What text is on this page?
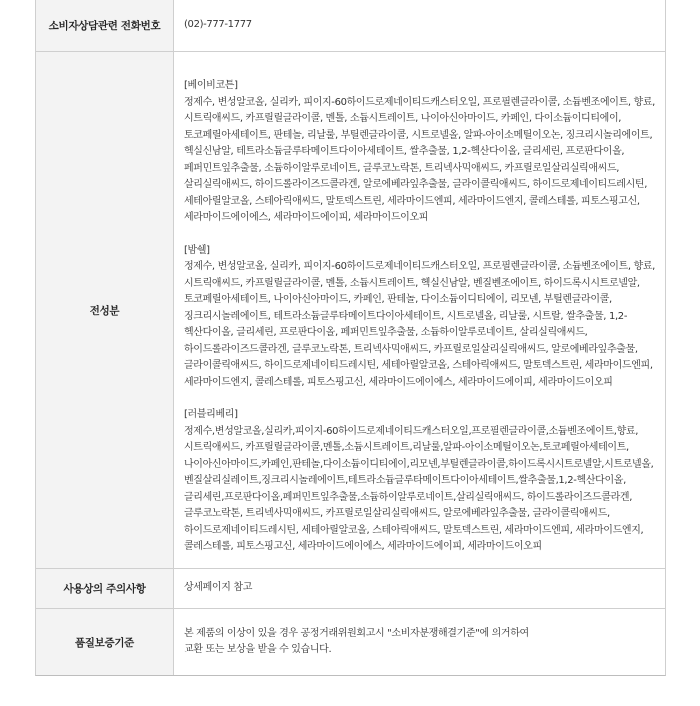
소비자상담관련 전화번호	(02)-777-1777
전성분
[베이비코튼]
정제수, 변성알코올, 실리카, 피이지-60하이드로제네이티드캐스터오일, 프로필렌글라이콜, 소듐벤조에이트, 향료, 시트릭애씨드, 카프릴릴글라이콜, 멘톨, 소듐시트레이트, 나이아신아마이드, 카페인, 다이소듐이디티에이, 토코페릴아세테이트, 판테놀, 리날룰, 부틸렌글라이콜, 시트로넬올, 알파-아이소메틸이오논, 징크리시놀리에이트, 헥실신남알, 테트라소듐글루타메이트다이아세테이트, 쌀추출물, 1,2-헥산다이올, 글리세린, 프로판다이올, 페퍼민트잎추출물, 소듐하이알루로네이트, 글루코노락톤, 트리넥사믹애씨드, 카프릴로일살리실릭애씨드, 살리실릭애씨드, 하이드롤라이즈드콜라겐, 알로에베라잎추출물, 글라이콜릭애씨드, 하이드로제네이티드레시틴, 세테아릴알코올, 스테아릭애씨드, 말토덱스트린, 세라마이드엔피, 세라마이드엔지, 콜레스테롤, 피토스핑고신, 세라마이드에이에스, 세라마이드에이피, 세라마이드이오피
[밤쉘]
정제수, 변성알코올, 실리카, 피이지-60하이드로제네이티드캐스터오일, 프로필렌글라이콜, 소듐벤조에이트, 향료, 시트릭애씨드, 카프릴릴글라이콜, 멘톨, 소듐시트레이트, 헥실신남알, 벤질벤조에이트, 하이드록시시트로넬알, 토코페릴아세테이트, 나이아신아마이드, 카페인, 판테놀, 다이소듐이디티에이, 리모넨, 부틸렌글라이콜, 징크리시놀레에이트, 테트라소듐글루타메이트다이아세테이트, 시트로넬올, 리날룰, 시트랄, 쌀추출물, 1,2-헥산다이올, 글리세린, 프로판다이올, 페퍼민트잎추출물, 소듐하이알루로네이트, 살리실릭애씨드, 하이드롤라이즈드콜라겐, 글루코노락톤, 트리넥사믹애씨드, 카프릴로일살리실릭애씨드, 알로에베라잎추출물, 글라이콜릭애씨드, 하이드로제네이티드레시틴, 세테아릴알코올, 스테아릭애씨드, 말토덱스트린, 세라마이드엔피, 세라마이드엔지, 콜레스테롤, 피토스핑고신, 세라마이드에이에스, 세라마이드에이피, 세라마이드이오피
[러블리베리]
정제수,변성알코올,실리카,피이지-60하이드로제네이티드캐스터오일,프로필렌글라이콜,소듐벤조에이트,향료, 시트릭애씨드, 카프릴릴글라이콜,멘톨,소듐시트레이트,리날룰,알파-아이소메틸이오논,토코페릴아세테이트,나이아신아마이드,카페인,판테놀,다이소듐이디티에이,리모넨,부틸렌글라이콜,하이드록시시트로넬알,시트로넬올,벤질살리실레이트,징크리시놀레에이트,테트라소듐글루타메이트다이아세테이트,쌀추출물,1,2-헥산다이올,글리세린,프로판다이올,페퍼민트잎추출물,소듐하이알루로네이트,살리실릭애씨드, 하이드롤라이즈드콜라겐, 글루코노락톤, 트리넥사믹애씨드, 카프릴로일살리실릭애씨드, 알로에베라잎추출물, 글라이콜릭애씨드, 하이드로제네이티드레시틴, 세테아릴알코올, 스테아릭애씨드, 말토덱스트린, 세라마이드엔피, 세라마이드엔지, 콜레스테롤, 피토스핑고신, 세라마이드에이에스, 세라마이드에이피, 세라마이드이오피
사용상의 주의사항	상세페이지 참고
품질보증기준
본 제품의 이상이 있을 경우 공정거래위원회고시 "소비자분쟁해결기준"에 의거하여
교환 또는 보상을 받을 수 있습니다.
